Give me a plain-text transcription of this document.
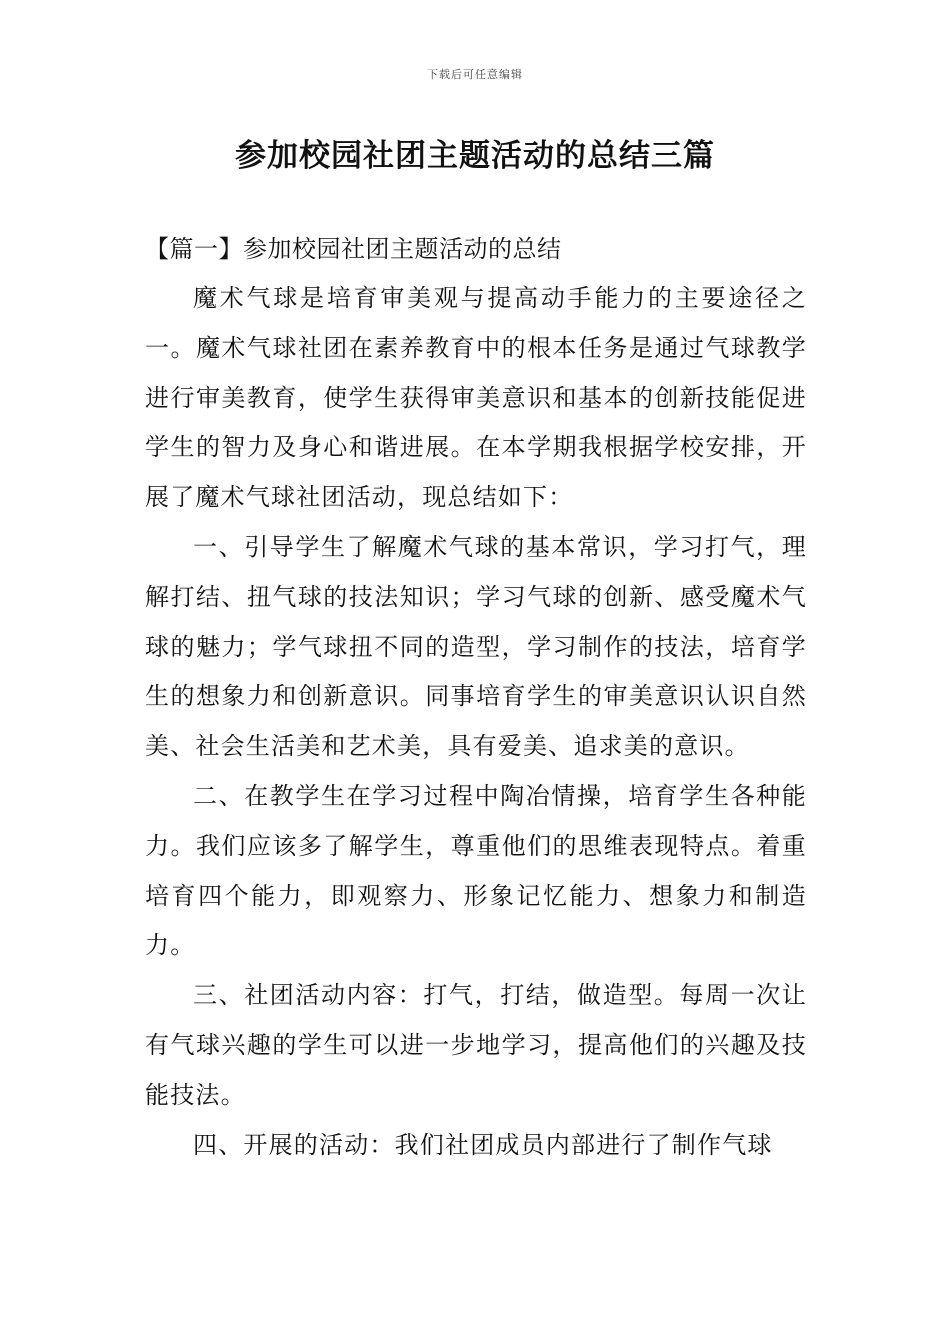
下载后可任意编辑
参加校园社团主题活动的总结三篇

【篇一】参加校园社团主题活动的总结

魔术气球是培育审美观与提高动手能力的主要途径之一。魔术气球社团在素养教育中的根本任务是通过气球教学进行审美教育，使学生获得审美意识和基本的创新技能促进学生的智力及身心和谐进展。在本学期我根据学校安排，开展了魔术气球社团活动，现总结如下：

一、引导学生了解魔术气球的基本常识，学习打气，理解打结、扭气球的技法知识；学习气球的创新、感受魔术气球的魅力；学气球扭不同的造型，学习制作的技法，培育学生的想象力和创新意识。同事培育学生的审美意识认识自然美、社会生活美和艺术美，具有爱美、追求美的意识。

二、在教学生在学习过程中陶冶情操，培育学生各种能力。我们应该多了解学生，尊重他们的思维表现特点。着重培育四个能力，即观察力、形象记忆能力、想象力和制造力。

三、社团活动内容：打气，打结，做造型。每周一次让有气球兴趣的学生可以进一步地学习，提高他们的兴趣及技能技法。

四、开展的活动：我们社团成员内部进行了制作气球
